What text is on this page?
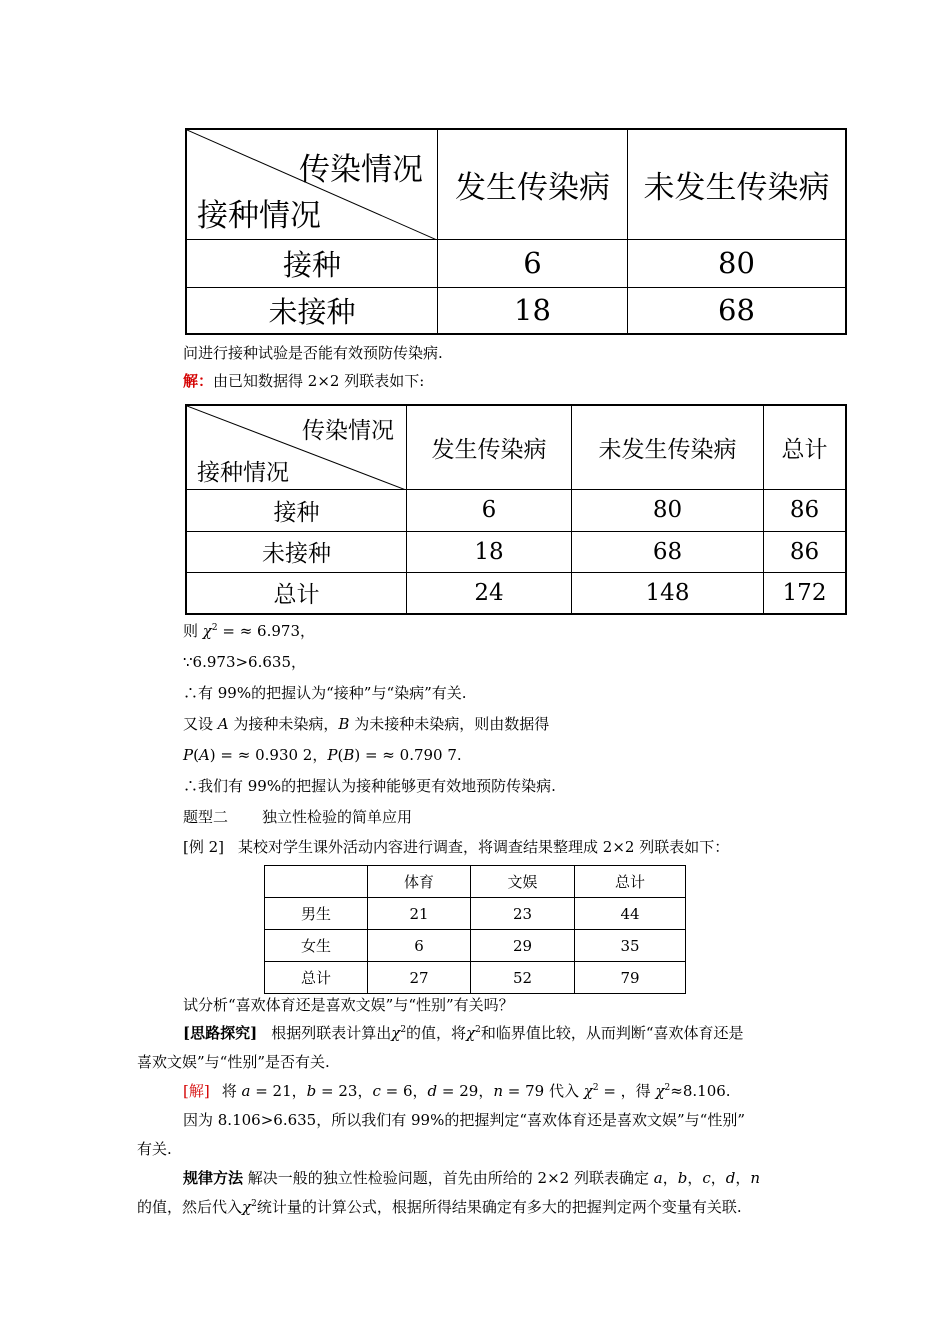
传染情况
接种情况	发生传染病	未发生传染病
接种	6	80
未接种	18	68
问进行接种试验是否能有效预防传染病.
解：由已知数据得 2×2 列联表如下:
传染情况
接种情况	发生传染病	未发生传染病	总计
接种	6	80	86
未接种	18	68	86
总计	24	148	172
则 $\chi^2$ = ≈ 6.973，
∵6.973>6.635，
∴有 99%的把握认为“接种”与“染病”有关.
又设 A 为接种未染病，B 为未接种未染病，则由数据得
P(A) = ≈ 0.930 2，P(B) = ≈ 0.790 7.
∴我们有 99%的把握认为接种能够更有效地预防传染病.
题型二 独立性检验的简单应用
[例 2] 某校对学生课外活动内容进行调查，将调查结果整理成 2×2 列联表如下：
	体育	文娱	总计
男生	21	23	44
女生	6	29	35
总计	27	52	79
试分析“喜欢体育还是喜欢文娱”与“性别”有关吗？
[思路探究] 根据列联表计算出$\chi^2$的值，将$\chi^2$和临界值比较，从而判断“喜欢体育还是
喜欢文娱”与“性别”是否有关.
[解] 将 a = 21，b = 23，c = 6，d = 29，n = 79 代入 $\chi^2$ = ，得 $\chi^2\approx 8.106$.
因为 8.106>6.635，所以我们有 99%的把握判定“喜欢体育还是喜欢文娱”与“性别”
有关.
规律方法 解决一般的独立性检验问题，首先由所给的 2×2 列联表确定 a，b，c，d，n
的值，然后代入$\chi^2$统计量的计算公式，根据所得结果确定有多大的把握判定两个变量有关联.
